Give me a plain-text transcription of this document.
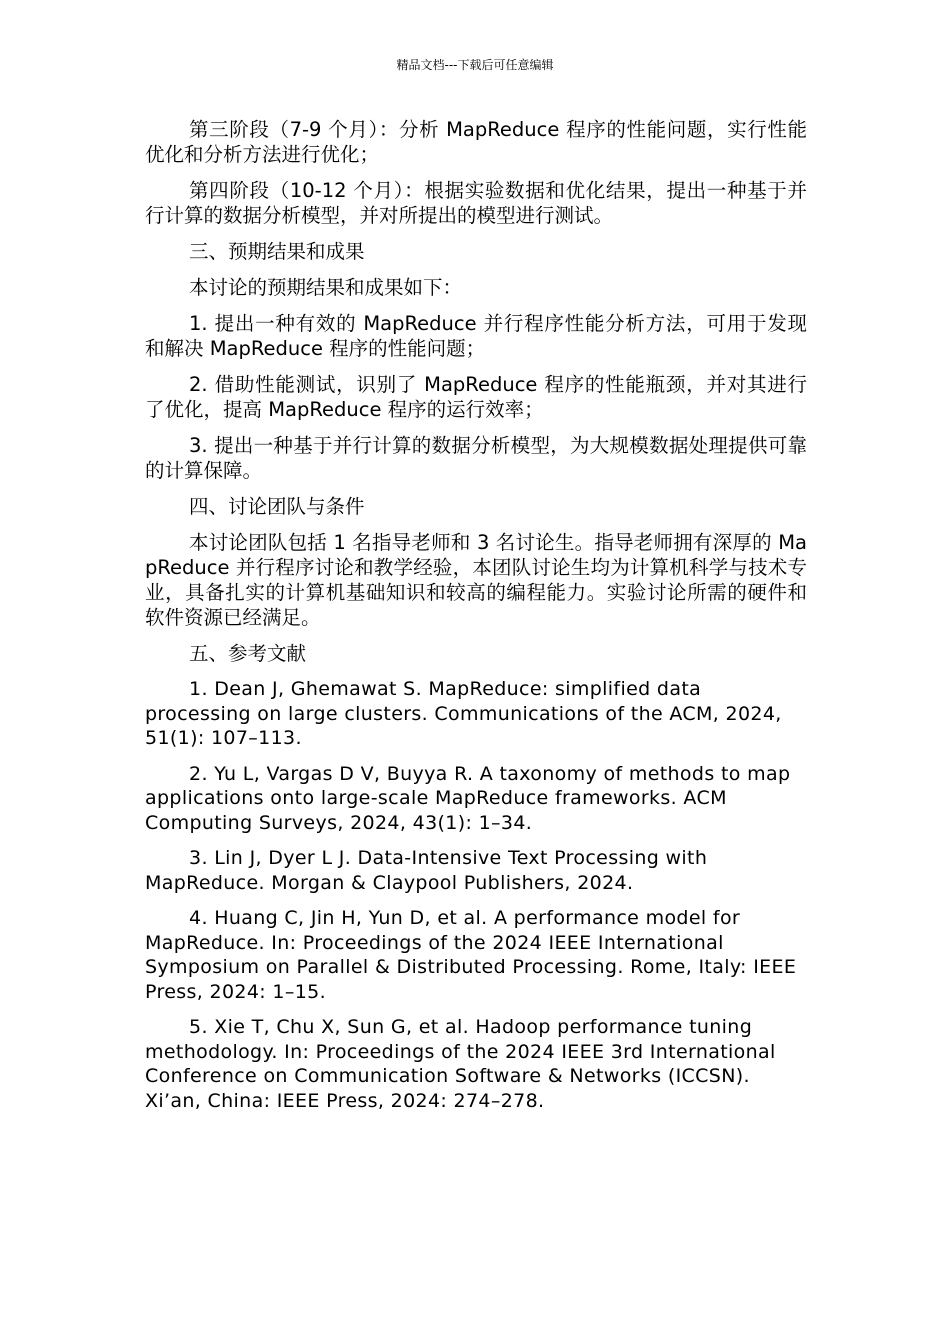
精品文档---下载后可任意编辑

第三阶段（7-9 个月）：分析 MapReduce 程序的性能问题，实行性能优化和分析方法进行优化；

第四阶段（10-12 个月）：根据实验数据和优化结果，提出一种基于并行计算的数据分析模型，并对所提出的模型进行测试。

三、预期结果和成果

本讨论的预期结果和成果如下：

1. 提出一种有效的 MapReduce 并行程序性能分析方法，可用于发现和解决 MapReduce 程序的性能问题；

2. 借助性能测试，识别了 MapReduce 程序的性能瓶颈，并对其进行了优化，提高 MapReduce 程序的运行效率；

3. 提出一种基于并行计算的数据分析模型，为大规模数据处理提供可靠的计算保障。

四、讨论团队与条件

本讨论团队包括 1 名指导老师和 3 名讨论生。指导老师拥有深厚的 MapReduce 并行程序讨论和教学经验，本团队讨论生均为计算机科学与技术专业，具备扎实的计算机基础知识和较高的编程能力。实验讨论所需的硬件和软件资源已经满足。

五、参考文献

1. Dean J, Ghemawat S. MapReduce: simplified data processing on large clusters. Communications of the ACM, 2024, 51(1): 107–113.

2. Yu L, Vargas D V, Buyya R. A taxonomy of methods to map applications onto large-scale MapReduce frameworks. ACM Computing Surveys, 2024, 43(1): 1–34.

3. Lin J, Dyer L J. Data-Intensive Text Processing with MapReduce. Morgan & Claypool Publishers, 2024.

4. Huang C, Jin H, Yun D, et al. A performance model for MapReduce. In: Proceedings of the 2024 IEEE International Symposium on Parallel & Distributed Processing. Rome, Italy: IEEE Press, 2024: 1–15.

5. Xie T, Chu X, Sun G, et al. Hadoop performance tuning methodology. In: Proceedings of the 2024 IEEE 3rd International Conference on Communication Software & Networks (ICCSN). Xi’an, China: IEEE Press, 2024: 274–278.
